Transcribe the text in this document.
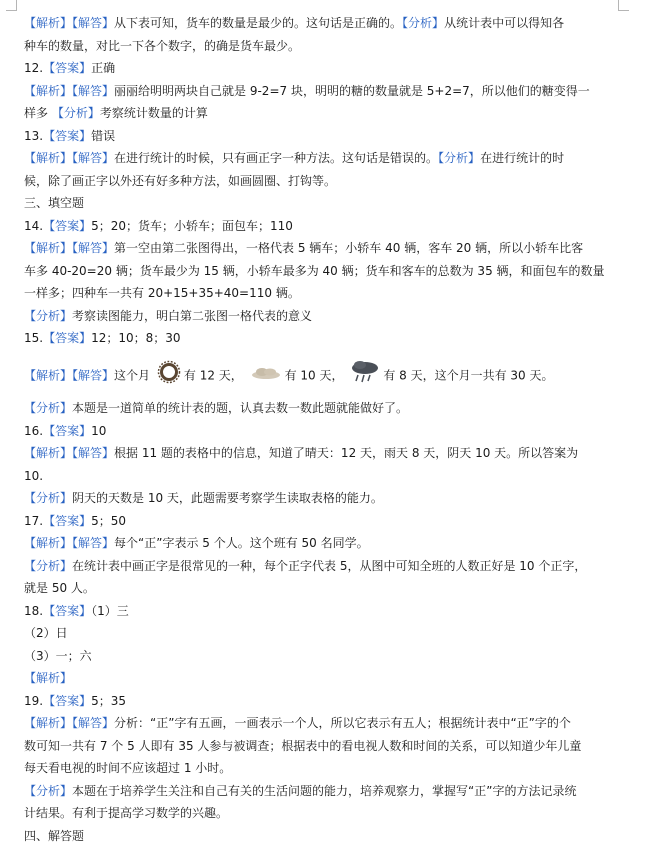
【解析】【解答】从下表可知，货车的数量是最少的。这句话是正确的。【分析】从统计表中可以得知各
种车的数量，对比一下各个数字，的确是货车最少。
12.【答案】正确
【解析】【解答】丽丽给明明两块自己就是 9-2=7 块，明明的糖的数量就是 5+2=7，所以他们的糖变得一
样多 【分析】考察统计数量的计算
13.【答案】错误
【解析】【解答】在进行统计的时候，只有画正字一种方法。这句话是错误的。【分析】在进行统计的时
候，除了画正字以外还有好多种方法，如画圆圈、打钩等。
三、填空题
14.【答案】5；20；货车；小轿车；面包车；110
【解析】【解答】第一空由第二张图得出，一格代表 5 辆车；小轿车 40 辆，客车 20 辆，所以小轿车比客
车多 40-20=20 辆；货车最少为 15 辆，小轿车最多为 40 辆；货车和客车的总数为 35 辆，和面包车的数量
一样多；四种车一共有 20+15+35+40=110 辆。
【分析】考察读图能力，明白第二张图一格代表的意义
15.【答案】12；10；8；30
【解析】【解答】这个月	有 12 天，	有 10 天，	有 8 天，这个月一共有 30 天。
【分析】本题是一道简单的统计表的题，认真去数一数此题就能做好了。
16.【答案】10
【解析】【解答】根据 11 题的表格中的信息，知道了晴天：12 天，雨天 8 天，阴天 10 天。所以答案为
10.
【分析】阴天的天数是 10 天，此题需要考察学生读取表格的能力。
17.【答案】5；50
【解析】【解答】每个“正”字表示 5 个人。这个班有 50 名同学。
【分析】在统计表中画正字是很常见的一种，每个正字代表 5，从图中可知全班的人数正好是 10 个正字，
就是 50 人。
18.【答案】（1）三
（2）日
（3）一；六
【解析】
19.【答案】5；35
【解析】【解答】分析：“正”字有五画，一画表示一个人，所以它表示有五人；根据统计表中“正”字的个
数可知一共有 7 个 5 人即有 35 人参与被调查；根据表中的看电视人数和时间的关系，可以知道少年儿童
每天看电视的时间不应该超过 1 小时。
【分析】本题在于培养学生关注和自己有关的生活问题的能力，培养观察力，掌握写“正”字的方法记录统
计结果。有利于提高学习数学的兴趣。
四、解答题
